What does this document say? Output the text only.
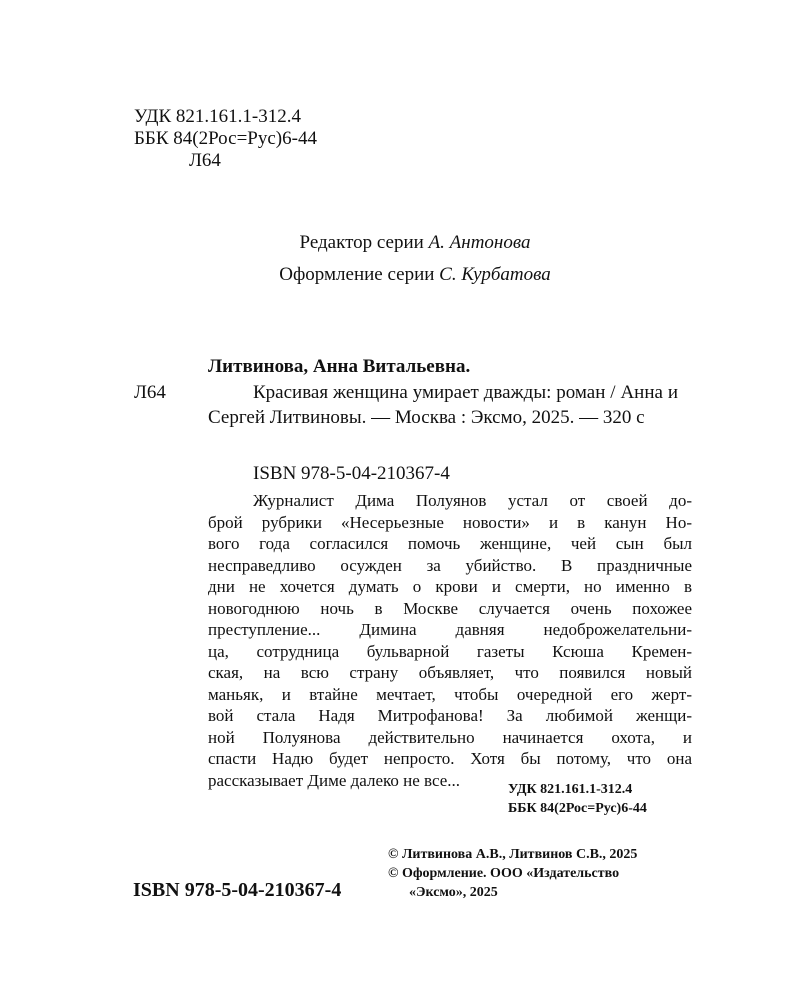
УДК 821.161.1-312.4
ББК 84(2Рос=Рус)6-44
Л64
Редактор серии А. Антонова
Оформление серии С. Курбатова
Литвинова, Анна Витальевна.
Л64	Красивая женщина умирает дважды: роман / Анна и Сергей Литвиновы. — Москва : Эксмо, 2025. — 320 с
ISBN 978-5-04-210367-4
Журналист Дима Полуянов устал от своей до-
брой рубрики «Несерьезные новости» и в канун Но-
вого года согласился помочь женщине, чей сын был
несправедливо осужден за убийство. В праздничные
дни не хочется думать о крови и смерти, но именно в
новогоднюю ночь в Москве случается очень похожее
преступление... Димина давняя недоброжелательни-
ца, сотрудница бульварной газеты Ксюша Кремен-
ская, на всю страну объявляет, что появился новый
маньяк, и втайне мечтает, чтобы очередной его жерт-
вой стала Надя Митрофанова! За любимой женщи-
ной Полуянова действительно начинается охота, и
спасти Надю будет непросто. Хотя бы потому, что она
рассказывает Диме далеко не все...	УДК 821.161.1-312.4
ББК 84(2Рос=Рус)6-44
© Литвинова А.В., Литвинов С.В., 2025
© Оформление. ООО «Издательство
«Эксмо», 2025
ISBN 978-5-04-210367-4
